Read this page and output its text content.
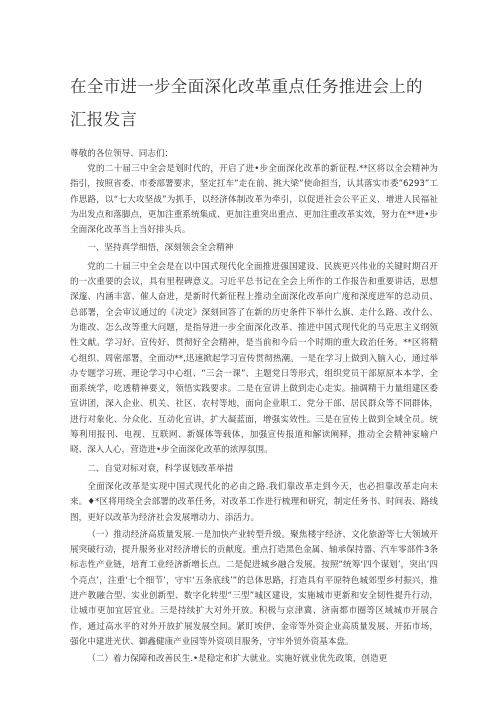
在全市进一步全面深化改革重点任务推进会上的汇报发言
尊敬的各位领导、同志们：

党的二十届三中全会是划时代的，开启了进•步全面深化改革的新征程.**区将以全会精神为指引，按照省委、市委部署要求，坚定扛车”走在前、挑大梁”使命担当，认其落实市委”6293”工作思路，以“七大攻坚战”为抓手，以经济体制改革为牵引，以促进社会公平正义、增进人民福祉为出发点和落脚点，更加注重系统集成、更加注重突出重点、更加注重改革实效，努力在**进•步全面深化改革当上当好排头兵。

一、坚持真学细悟，深刻领会全会精神

党的二十届三中全会是在以中国式现代化全面推进强国建设、民族更兴伟业的关键时期召开的一次重要的会议，具有里程碑意义。习近平总书记在全会上所作的工作报告和重要讲话，思想深邃、内涵丰富、催人奋进，是新时代新征程上推动全面深化改革向广度和深度进军的总动员、总部署，全会审议通过的《决定》深刻回答了在新的历史条件下举什么旗、走什么路、改什么、为谁改、怎么改等重大问题，是指导进一步全面深化改革、推进中国式现代化的马克思主义纲领性文献。学习好、宣传好、贯彻好全会精神，是当前和今后一个时期的重大政治任务。**区将精心组织、周密部署，全面动**,迅速掀起学习宣传贯彻热潮。一是在学习上做到入脑入心，通过举办专题学习班、理论学习中心组、“三会一课”、主题党日等形式，组织党员干部原原本本学、全面系统学，吃透精神要义，领悟实践要求。二是在宣讲上做到走心走实。抽调精干力量组建区委宣讲团，深入企业、机关、社区、农村等地，面向企业职工、党分干部、居民群众等不同群体，进行对象化、分众化、互动化宣讲，扩大凝蓝面，增强实效性。三是在宣传上做到全域全员。统筹利用报刊、电视、互联网、新媒体等载体，加强宣传报道和解读阐释，推动全会精神家喻户晓、深入人心，营造进•步全面深化改革的浓厚氛围。

二、自觉对标对衰，科学谋划改革举措

全面深化改革是实现中国式现代化的必由之路.我们靠改革走到今天，也必担靠改革走向未来。♦*区将用绕全会部署的改革任务，对改革工作进行梳理和研究，制定任务书、时间表、路线图，更好以改革为经济社会发展增动力、添活力。

（一）推动经济高质量发展.一是加快产业转型升级。聚焦楼宇经济、文化旅游等七大领域开展突破行动，提升服务业对经济增长的贡献度。重点打造黑色金属、轴承保持器、汽车零部件3条标志性产业链，培育工业经济新增长点。二是促进城乡融合发展。按照“统筹‘四个谋划’，突出‘四个亮点’，注重‘七个细节’，守牢‘五条底线’”的总体思路，打造具有平原特色城郊型乡村振兴，推进产教融合型、实业创新型、数字化转型“三型”城区建设，实施城市更新和安全韧性提升行动，让城市更加宜居宜业。三是持续扩大对外开放。积极与京津冀、济南都市圈等区域城市开展合作，通过高水平的对外开放扩展发展空间。紧盯埃伊、金帝等外资企业高质量发展、开拓市场，强化中建进光伏、御鑫健康产业园等外资项目服务，守牢外贸外资基本盘。

（二）着力保障和改善民生.•是稳定和扩大就业。实施好就业优先政策，创造更
